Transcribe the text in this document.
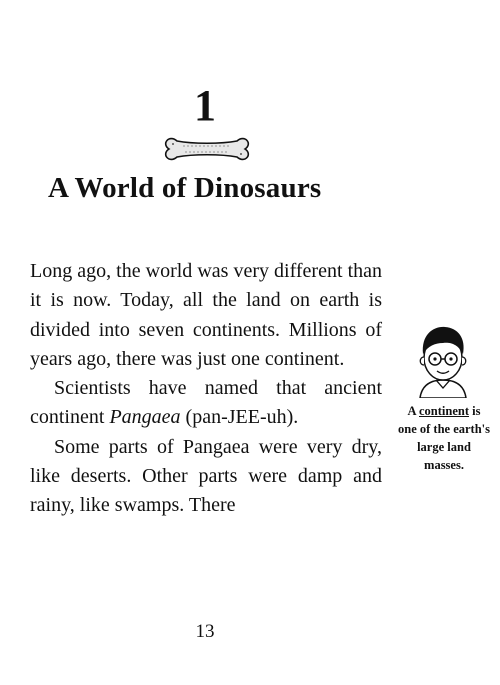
1
A World of Dinosaurs

Long ago, the world was very different than it is now. Today, all the land on earth is divided into seven continents. Millions of years ago, there was just one continent.

Scientists have named that ancient continent Pangaea (pan-JEE-uh).

Some parts of Pangaea were very dry, like deserts. Other parts were damp and rainy, like swamps. There

A continent is one of the earth's large land masses.
13
